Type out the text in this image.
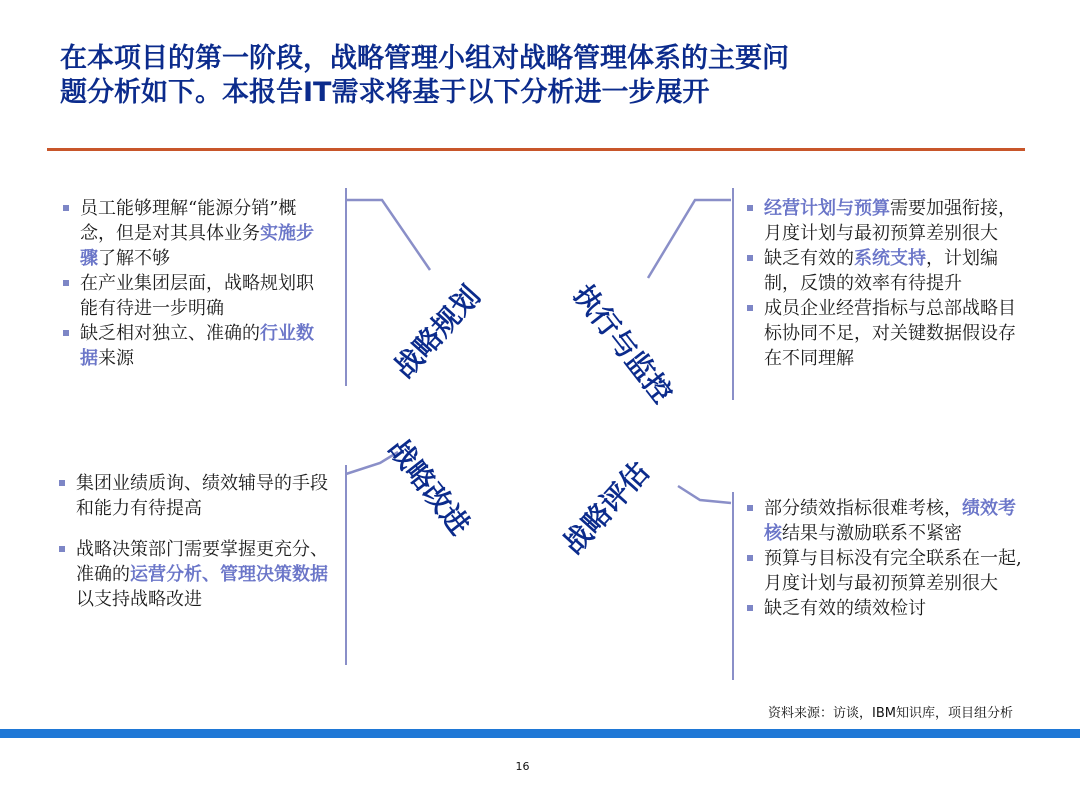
在本项目的第一阶段，战略管理小组对战略管理体系的主要问
题分析如下。本报告IT需求将基于以下分析进一步展开
战略规划	执行与监控
战略改进	战略评估

员工能够理解“能源分销”概念，但是对其具体业务实施步骤了解不够

在产业集团层面，战略规划职能有待进一步明确

缺乏相对独立、准确的行业数据来源

经营计划与预算需要加强衔接，月度计划与最初预算差别很大

缺乏有效的系统支持，计划编制，反馈的效率有待提升

成员企业经营指标与总部战略目标协同不足，对关键数据假设存在不同理解

集团业绩质询、绩效辅导的手段和能力有待提高

战略决策部门需要掌握更充分、准确的运营分析、管理决策数据以支持战略改进

部分绩效指标很难考核，绩效考核结果与激励联系不紧密

预算与目标没有完全联系在一起,月度计划与最初预算差别很大

缺乏有效的绩效检讨

资料来源：访谈，IBM知识库，项目组分析
16
